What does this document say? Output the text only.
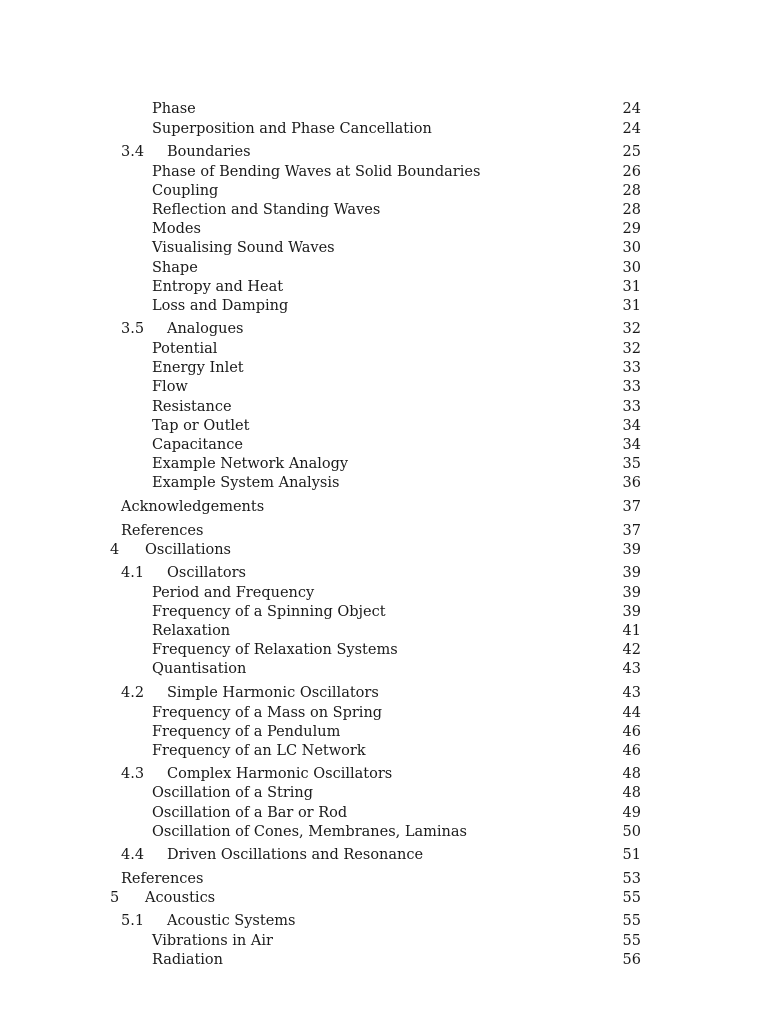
Phase	24
Superposition and Phase Cancellation	24
3.4 Boundaries	25
Phase of Bending Waves at Solid Boundaries	26
Coupling	28
Reflection and Standing Waves	28
Modes	29
Visualising Sound Waves	30
Shape	30
Entropy and Heat	31
Loss and Damping	31
3.5 Analogues	32
Potential	32
Energy Inlet	33
Flow	33
Resistance	33
Tap or Outlet	34
Capacitance	34
Example Network Analogy	35
Example System Analysis	36
Acknowledgements	37
References	37
4 Oscillations	39
4.1 Oscillators	39
Period and Frequency	39
Frequency of a Spinning Object	39
Relaxation	41
Frequency of Relaxation Systems	42
Quantisation	43
4.2 Simple Harmonic Oscillators	43
Frequency of a Mass on Spring	44
Frequency of a Pendulum	46
Frequency of an LC Network	46
4.3 Complex Harmonic Oscillators	48
Oscillation of a String	48
Oscillation of a Bar or Rod	49
Oscillation of Cones, Membranes, Laminas	50
4.4 Driven Oscillations and Resonance	51
References	53
5 Acoustics	55
5.1 Acoustic Systems	55
Vibrations in Air	55
Radiation	56
